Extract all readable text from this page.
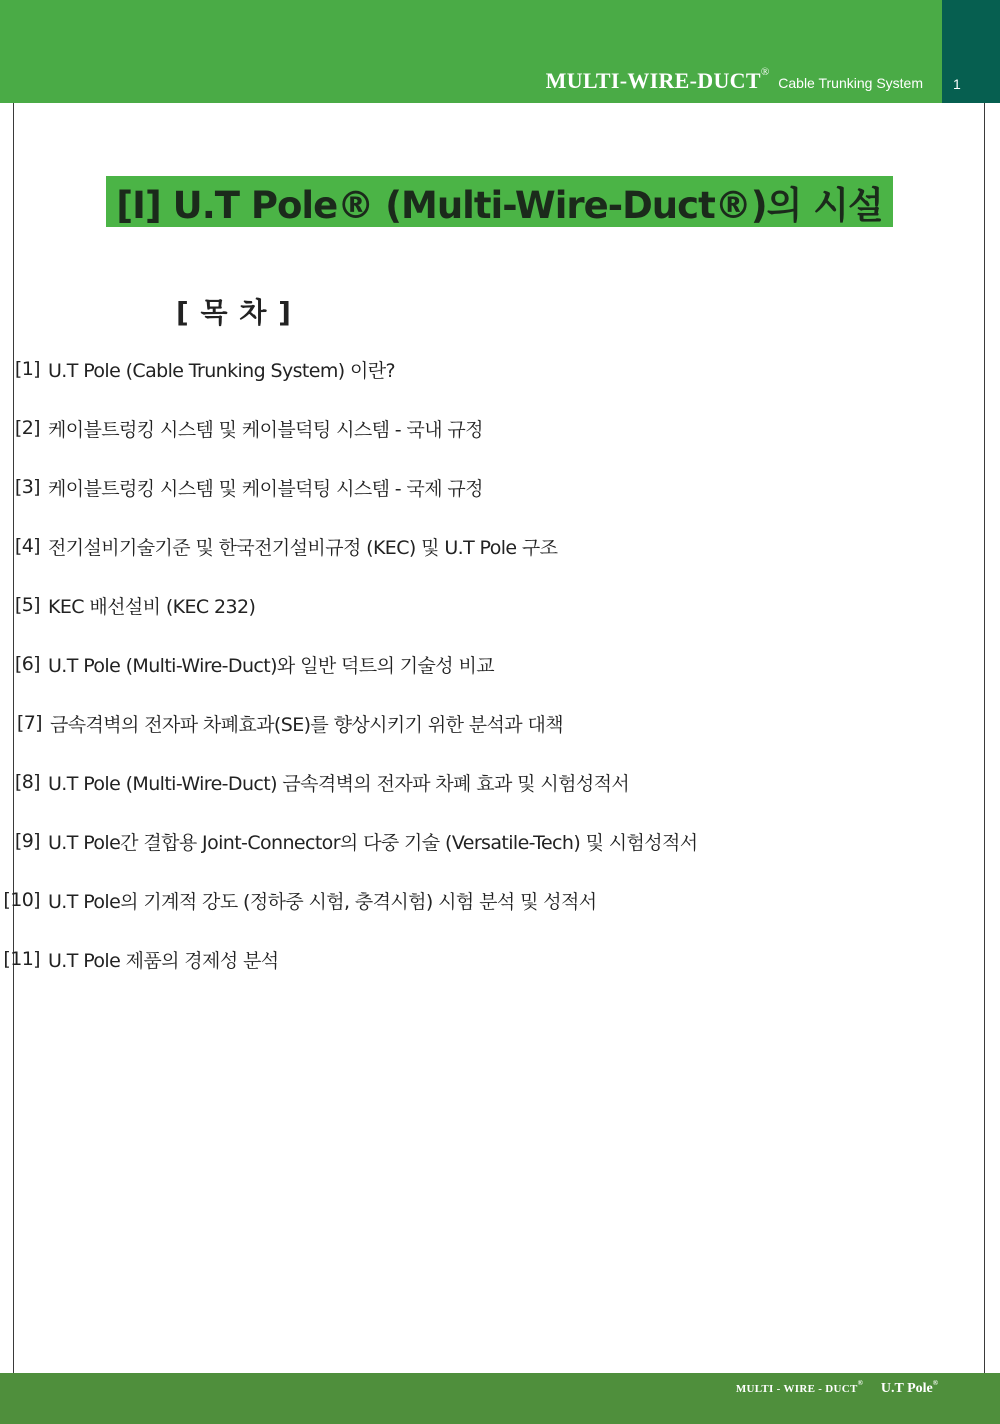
MULTI-WIRE-DUCT® Cable Trunking System 1
[Ⅰ] U.T Pole® (Multi-Wire-Duct®)의 시설
[ 목 차 ]
[1] U.T Pole (Cable Trunking System) 이란?
[2] 케이블트렁킹 시스템 및 케이블덕팅 시스템 - 국내 규정
[3] 케이블트렁킹 시스템 및 케이블덕팅 시스템 - 국제 규정
[4] 전기설비기술기준 및 한국전기설비규정 (KEC) 및 U.T Pole 구조
[5] KEC 배선설비 (KEC 232)
[6] U.T Pole (Multi-Wire-Duct)와 일반 덕트의 기술성 비교
[7] 금속격벽의 전자파 차폐효과(SE)를 향상시키기 위한 분석과 대책
[8] U.T Pole (Multi-Wire-Duct) 금속격벽의 전자파 차폐 효과 및 시험성적서
[9] U.T Pole간 결합용 Joint-Connector의 다중 기술 (Versatile-Tech) 및 시험성적서
[10] U.T Pole의 기계적 강도 (정하중 시험, 충격시험) 시험 분석 및 성적서
[11] U.T Pole 제품의 경제성 분석
MULTI - WIRE - DUCT® U.T Pole®
